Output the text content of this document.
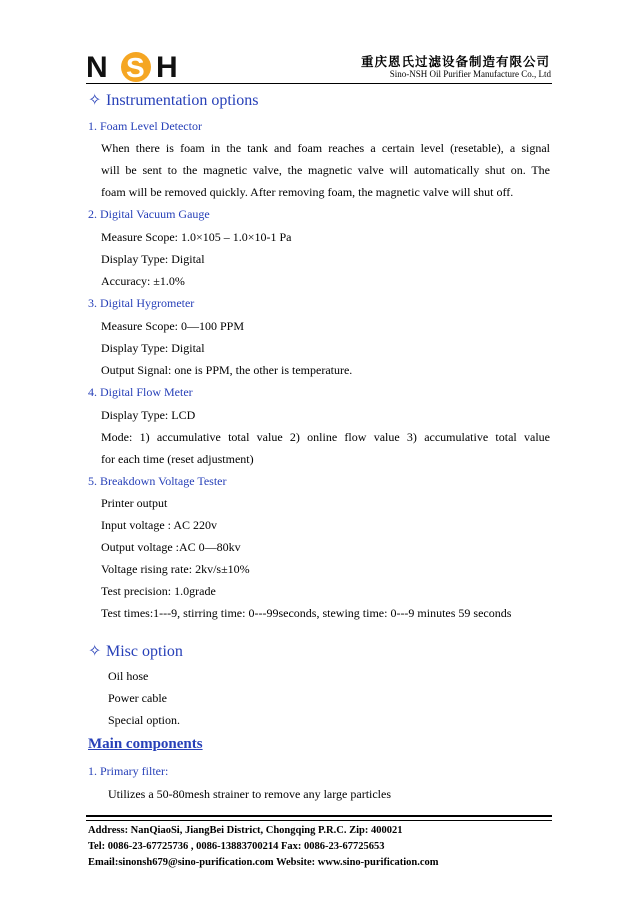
N S H	重庆恩氏过滤设备制造有限公司
Sino-NSH Oil Purifier Manufacture Co., Ltd
✧ Instrumentation options
1. Foam Level Detector
When there is foam in the tank and foam reaches a certain level (resetable), a signal
will be sent to the magnetic valve, the magnetic valve will automatically shut on. The
foam will be removed quickly. After removing foam, the magnetic valve will shut off.
2. Digital Vacuum Gauge
Measure Scope: 1.0×105 – 1.0×10-1 Pa
Display Type: Digital
Accuracy: ±1.0%
3. Digital Hygrometer
Measure Scope: 0—100 PPM
Display Type: Digital
Output Signal: one is PPM, the other is temperature.
4. Digital Flow Meter
Display Type: LCD
Mode: 1) accumulative total value 2) online flow value 3) accumulative total value
for each time (reset adjustment)
5. Breakdown Voltage Tester
Printer output
Input voltage : AC 220v
Output voltage :AC 0—80kv
Voltage rising rate: 2kv/s±10%
Test precision: 1.0grade
Test times:1---9, stirring time: 0---99seconds, stewing time: 0---9 minutes 59 seconds
✧ Misc option
Oil hose
Power cable
Special option.
Main components
1. Primary filter:
Utilizes a 50-80mesh strainer to remove any large particles
Address: NanQiaoSi, JiangBei District, Chongqing P.R.C. Zip: 400021
Tel: 0086-23-67725736 , 0086-13883700214 Fax: 0086-23-67725653
Email:sinonsh679@sino-purification.com Website: www.sino-purification.com
